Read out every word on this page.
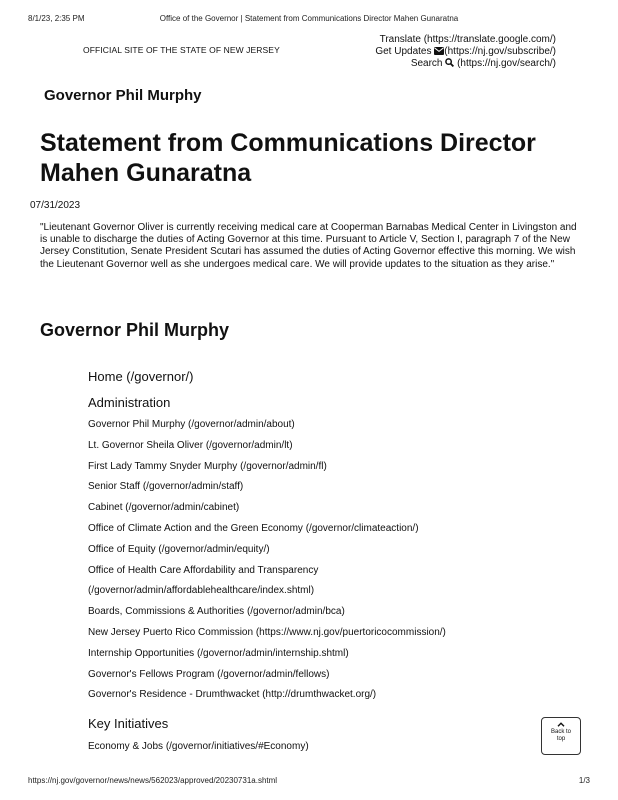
8/1/23, 2:35 PM	Office of the Governor | Statement from Communications Director Mahen Gunaratna
OFFICIAL SITE OF THE STATE OF NEW JERSEY
Translate (https://translate.google.com/)
Get Updates (https://nj.gov/subscribe/)
Search (https://nj.gov/search/)
Governor Phil Murphy
Statement from Communications Director Mahen Gunaratna
07/31/2023

"Lieutenant Governor Oliver is currently receiving medical care at Cooperman Barnabas Medical Center in Livingston and is unable to discharge the duties of Acting Governor at this time. Pursuant to Article V, Section I, paragraph 7 of the New Jersey Constitution, Senate President Scutari has assumed the duties of Acting Governor effective this morning. We wish the Lieutenant Governor well as she undergoes medical care. We will provide updates to the situation as they arise."

Governor Phil Murphy
Home (/governor/)
Administration
Governor Phil Murphy (/governor/admin/about)
Lt. Governor Sheila Oliver (/governor/admin/lt)
First Lady Tammy Snyder Murphy (/governor/admin/fl)
Senior Staff (/governor/admin/staff)
Cabinet (/governor/admin/cabinet)
Office of Climate Action and the Green Economy (/governor/climateaction/)
Office of Equity (/governor/admin/equity/)
Office of Health Care Affordability and Transparency
(/governor/admin/affordablehealthcare/index.shtml)
Boards, Commissions & Authorities (/governor/admin/bca)
New Jersey Puerto Rico Commission (https://www.nj.gov/puertoricocommission/)
Internship Opportunities (/governor/admin/internship.shtml)
Governor's Fellows Program (/governor/admin/fellows)
Governor's Residence - Drumthwacket (http://drumthwacket.org/)
Key Initiatives
Economy & Jobs (/governor/initiatives/#Economy)
Back to top
https://nj.gov/governor/news/news/562023/approved/20230731a.shtml	1/3
